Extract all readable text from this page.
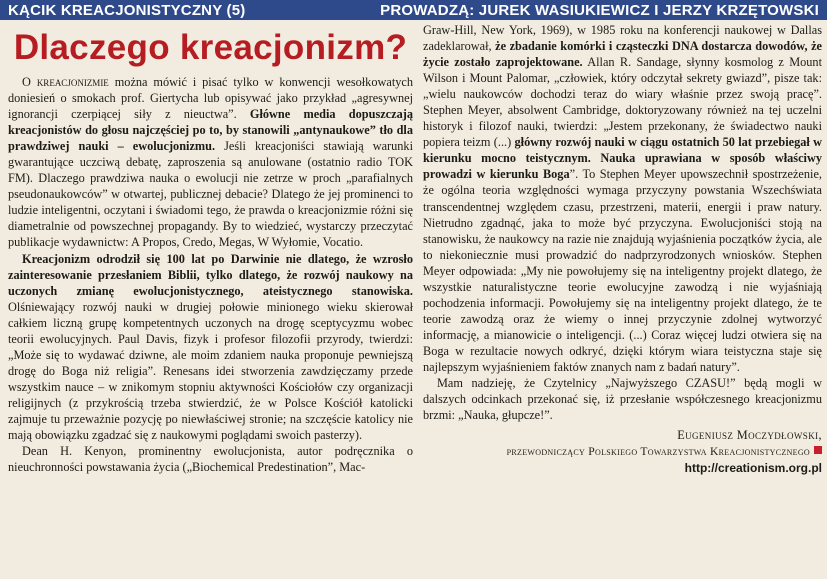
KĄCIK KREACJONISTYCZNY (5)	PROWADZĄ: JUREK WASIUKIEWICZ I JERZY KRZĘTOWSKI
Dlaczego kreacjonizm?

O kreacjonizmie można mówić i pisać tylko w konwencji wesołkowatych doniesień o smokach prof. Giertycha lub opisywać jako przykład „agresywnej ignorancji czerpiącej siły z nieuctwa”. Główne media dopuszczają kreacjonistów do głosu najczęściej po to, by stanowili „antynaukowe” tło dla prawdziwej nauki – ewolucjonizmu. Jeśli kreacjoniści stawiają warunki gwarantujące uczciwą debatę, zaproszenia są anulowane (ostatnio radio TOK FM). Dlaczego prawdziwa nauka o ewolucji nie zetrze w proch „parafialnych pseudonaukowców” w otwartej, publicznej debacie? Dlatego że jej prominenci to ludzie inteligentni, oczytani i świadomi tego, że prawda o kreacjonizmie różni się diametralnie od powszechnej propagandy. By to wiedzieć, wystarczy przeczytać publikacje wydawnictw: A Propos, Credo, Megas, W Wyłomie, Vocatio.

Kreacjonizm odrodził się 100 lat po Darwinie nie dlatego, że wzrosło zainteresowanie przesłaniem Biblii, tylko dlatego, że rozwój naukowy na uczonych zmianę ewolucjonistycznego, ateistycznego stanowiska. Olśniewający rozwój nauki w drugiej połowie minionego wieku skierował całkiem liczną grupę kompetentnych uczonych na drogę sceptycyzmu wobec teorii ewolucyjnych. Paul Davis, fizyk i profesor filozofii przyrody, twierdzi: „Może się to wydawać dziwne, ale moim zdaniem nauka proponuje pewniejszą drogę do Boga niż religia”. Renesans idei stworzenia zawdzięczamy przede wszystkim nauce – w znikomym stopniu aktywności Kościołów czy organizacji religijnych (z przykrością trzeba stwierdzić, że w Polsce Kościół katolicki zajmuje tu przeważnie pozycję po niewłaściwej stronie; na szczęście katolicy nie mają obowiązku zgadzać się z naukowymi poglądami swoich pasterzy).

Dean H. Kenyon, prominentny ewolucjonista, autor podręcznika o nieuchronności powstawania życia („Biochemical Predestination”, Mac-

Graw-Hill, New York, 1969), w 1985 roku na konferencji naukowej w Dallas zadeklarował, że zbadanie komórki i cząsteczki DNA dostarcza dowodów, że życie zostało zaprojektowane. Allan R. Sandage, słynny kosmolog z Mount Wilson i Mount Palomar, „człowiek, który odczytał sekrety gwiazd”, pisze tak: „wielu naukowców dochodzi teraz do wiary właśnie przez swoją pracę”. Stephen Meyer, absolwent Cambridge, doktoryzowany również na tej uczelni historyk i filozof nauki, twierdzi: „Jestem przekonany, że świadectwo nauki popiera teizm (...) główny rozwój nauki w ciągu ostatnich 50 lat przebiegał w kierunku mocno teistycznym. Nauka uprawiana w sposób właściwy prowadzi w kierunku Boga”. To Stephen Meyer upowszechnił spostrzeżenie, że ogólna teoria względności wymaga przyczyny powstania Wszechświata transcendentnej względem czasu, przestrzeni, materii, energii i praw natury. Nietrudno zgadnąć, jaka to może być przyczyna. Ewolucjoniści stoją na stanowisku, że naukowcy na razie nie znajdują wyjaśnienia początków życia, ale to niekoniecznie musi prowadzić do nadprzyrodzonych wniosków. Stephen Meyer odpowiada: „My nie powołujemy się na inteligentny projekt dlatego, że wszystkie naturalistyczne teorie ewolucyjne zawodzą i nie wyjaśniają pochodzenia informacji. Powołujemy się na inteligentny projekt dlatego, że te teorie zawodzą oraz że wiemy o innej przyczynie zdolnej wytworzyć informację, a mianowicie o inteligencji. (...) Coraz więcej ludzi otwiera się na Boga w rezultacie nowych odkryć, dzięki którym wiara teistyczna staje się najlepszym wyjaśnieniem faktów znanych nam z badań natury”.

Mam nadzieję, że Czytelnicy „Najwyższego CZASU!” będą mogli w dalszych odcinkach przekonać się, iż przesłanie współczesnego kreacjonizmu brzmi: „Nauka, głupcze!”.

Eugeniusz Moczydłowski,

przewodniczący Polskiego Towarzystwa Kreacjonistycznego

http://creationism.org.pl
